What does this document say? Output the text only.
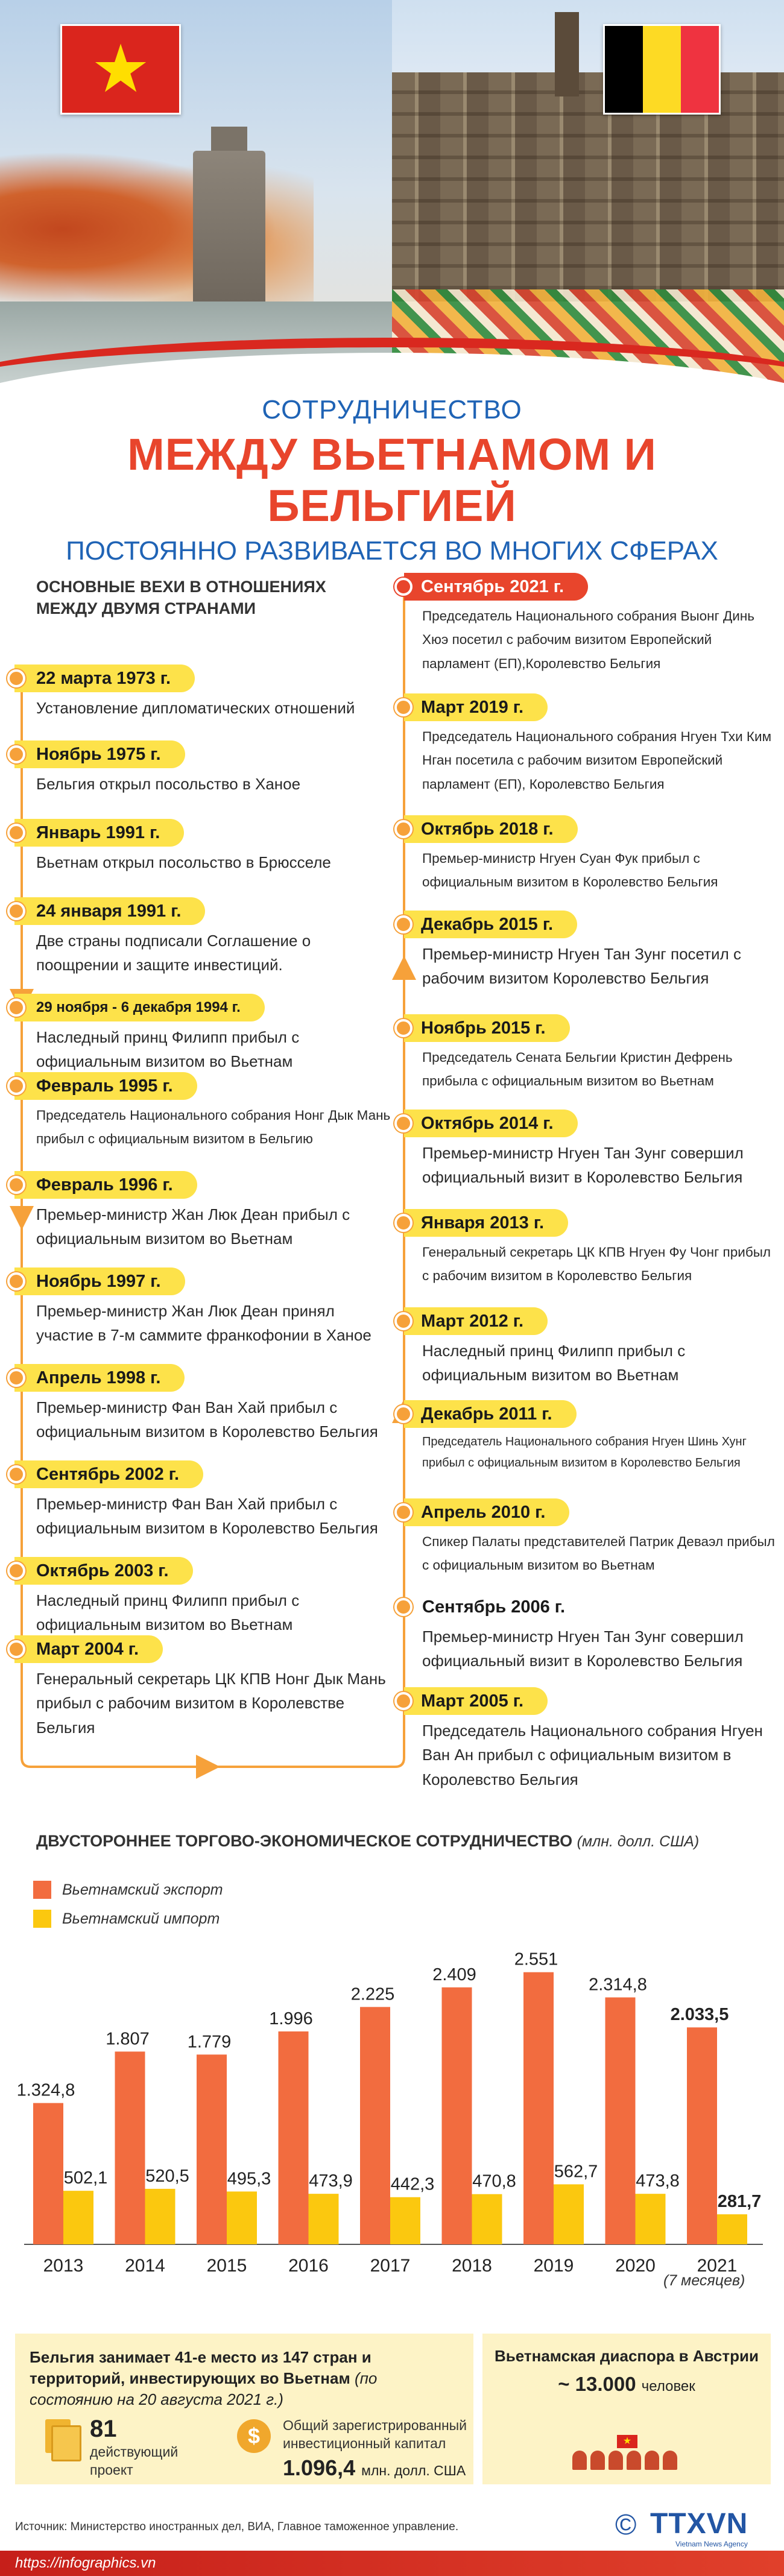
★
СОТРУДНИЧЕСТВО
МЕЖДУ ВЬЕТНАМОМ И БЕЛЬГИЕЙ
ПОСТОЯННО РАЗВИВАЕТСЯ ВО МНОГИХ СФЕРАХ
ОСНОВНЫЕ ВЕХИ В ОТНОШЕНИЯХ МЕЖДУ ДВУМЯ СТРАНАМИ
22 марта 1973 г.
Установление дипломатических отношений
Ноябрь 1975 г.
Бельгия открыл посольство в Ханое
Январь 1991 г.
Вьетнам открыл посольство в Брюсселе
24 января 1991 г.
Две страны подписали Соглашение о поощрении и защите инвестиций.
29 ноября - 6 декабря 1994 г.
Наследный принц Филипп прибыл с официальным визитом во Вьетнам
Февраль 1995 г.
Председатель Национального собрания Нонг Дык Мань прибыл с официальным визитом в Бельгию
Февраль 1996 г.
Премьер-министр Жан Люк Деан прибыл с официальным визитом во Вьетнам
Ноябрь 1997 г.
Премьер-министр Жан Люк Деан принял участие в 7-м саммите франкофонии в Ханое
Апрель 1998 г.
Премьер-министр Фан Ван Хай прибыл с официальным визитом в Королевство Бельгия
Сентябрь 2002 г.
Премьер-министр Фан Ван Хай прибыл с официальным визитом в Королевство Бельгия
Октябрь 2003 г.
Наследный принц Филипп прибыл с официальным визитом во Вьетнам
Март 2004 г.
Генеральный секретарь ЦК КПВ Нонг Дык Мань прибыл с рабочим визитом в Королевстве Бельгия
Сентябрь 2021 г.
Председатель Национального собрания Выонг Динь Хюэ посетил с рабочим визитом Европейский парламент (ЕП),Королевство Бельгия
Март 2019 г.
Председатель Национального собрания Нгуен Тхи Ким Нган посетила с рабочим визитом Европейский парламент (ЕП), Королевство Бельгия
Октябрь 2018 г.
Премьер-министр Нгуен Суан Фук прибыл с официальным визитом в Королевство Бельгия
Декабрь 2015 г.
Премьер-министр Нгуен Тан Зунг посетил с рабочим визитом Королевство Бельгия
Ноябрь 2015 г.
Председатель Сената Бельгии Кристин Дефрень прибыла с официальным визитом во Вьетнам
Октябрь 2014 г.
Премьер-министр Нгуен Тан Зунг совершил официальный визит в Королевство Бельгия
Января 2013 г.
Генеральный секретарь ЦК КПВ Нгуен Фу Чонг прибыл с рабочим визитом в Королевство Бельгия
Март 2012 г.
Наследный принц Филипп прибыл с официальным визитом во Вьетнам
Декабрь 2011 г.
Председатель Национального собрания Нгуен Шинь Хунг прибыл с официальным визитом в Королевство Бельгия
Апрель 2010 г.
Спикер Палаты представителей Патрик Деваэл прибыл с официальным визитом во Вьетнам
Сентябрь 2006 г.
Премьер-министр Нгуен Тан Зунг совершил официальный визит в Королевство Бельгия
Март 2005 г.
Председатель Национального собрания Нгуен Ван Ан прибыл с официальным визитом в Королевство Бельгия
ДВУСТОРОННЕЕ ТОРГОВО-ЭКОНОМИЧЕСКОЕ СОТРУДНИЧЕСТВО (млн. долл. США)
Вьетнамский экспорт
Вьетнамский импорт
1.324,8
502,1
2013
1.807
520,5
2014
1.779
495,3
2015
1.996
473,9
2016
2.225
442,3
2017
2.409
470,8
2018
2.551
562,7
2019
2.314,8
473,8
2020
2.033,5
281,7
2021
(7 месяцев)
Бельгия занимает 41-е место из 147 стран и территорий, инвестирующих во Вьетнам (по состоянию на 20 августа 2021 г.)
81
действующий проект
$
Общий зарегистрированный инвестиционный капитал
1.096,4 млн. долл. США
Вьетнамская диаспора в Австрии
~ 13.000 человек
★
Источник: Министерство иностранных дел, ВИА, Главное таможенное управление.	© TTXVN
Vietnam News Agency
https://infographics.vn
